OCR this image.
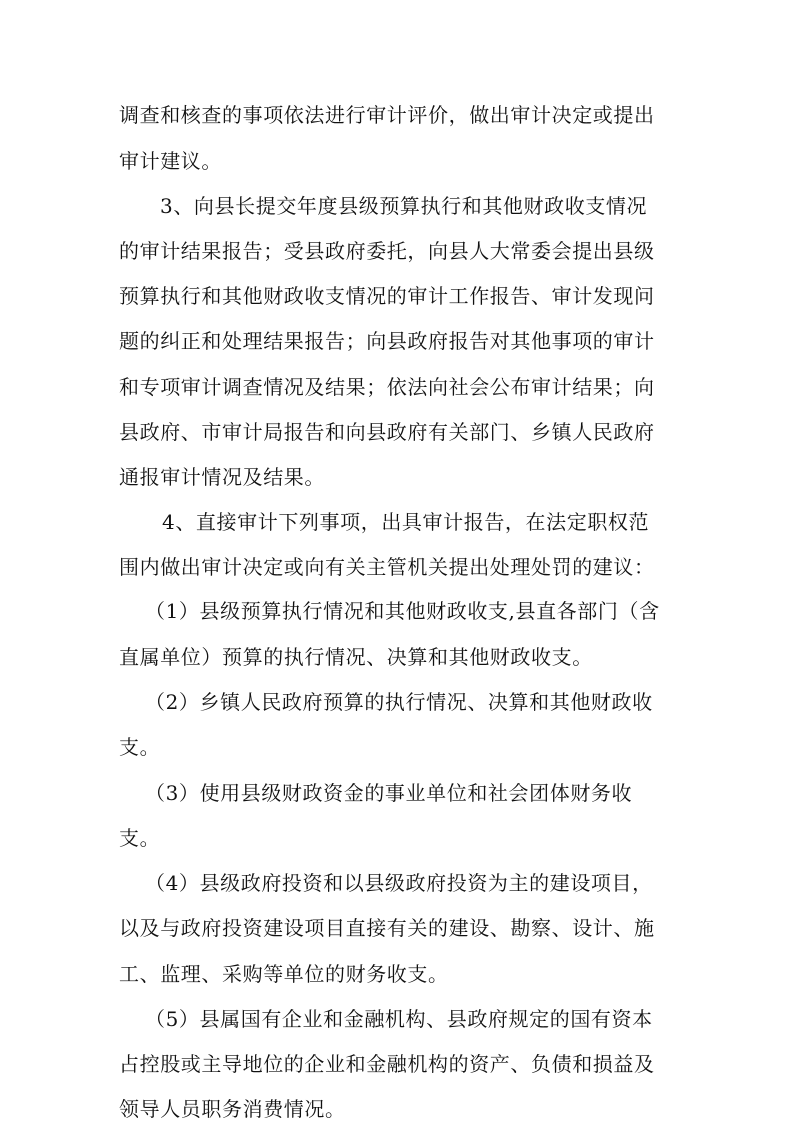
调查和核查的事项依法进行审计评价，做出审计决定或提出
审计建议。
3、向县长提交年度县级预算执行和其他财政收支情况
的审计结果报告；受县政府委托，向县人大常委会提出县级
预算执行和其他财政收支情况的审计工作报告、审计发现问
题的纠正和处理结果报告；向县政府报告对其他事项的审计
和专项审计调查情况及结果；依法向社会公布审计结果；向
县政府、市审计局报告和向县政府有关部门、乡镇人民政府
通报审计情况及结果。
4、直接审计下列事项，出具审计报告，在法定职权范
围内做出审计决定或向有关主管机关提出处理处罚的建议：
（1）县级预算执行情况和其他财政收支,县直各部门（含
直属单位）预算的执行情况、决算和其他财政收支。
（2）乡镇人民政府预算的执行情况、决算和其他财政收
支。
（3）使用县级财政资金的事业单位和社会团体财务收
支。
（4）县级政府投资和以县级政府投资为主的建设项目，
以及与政府投资建设项目直接有关的建设、勘察、设计、施
工、监理、采购等单位的财务收支。
（5）县属国有企业和金融机构、县政府规定的国有资本
占控股或主导地位的企业和金融机构的资产、负债和损益及
领导人员职务消费情况。
